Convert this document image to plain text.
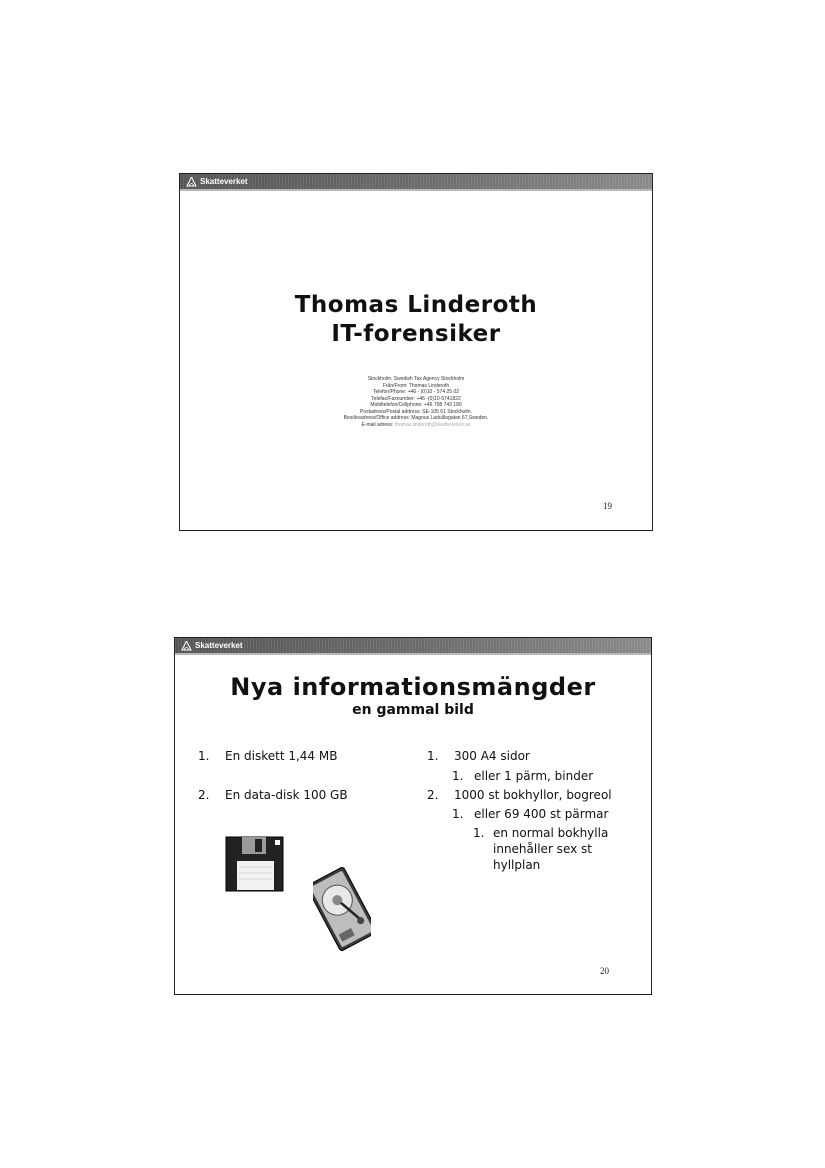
Skatteverket
Thomas Linderoth
IT-forensiker
Stockholm. Swedish Tax Agency Stockholm
Från/From: Thomas Linderoth
Telefon/Phone: +46 - (0)10 - 574 25 02
Telefax/Faxnumber: +46 -(0)10-5741822
Mobiltelefon/Cellphone: +46 708 743 180
Postadress/Postal address: SE-105 61 Stockholm.
Besöksadress/Office address: Magnus Ladulåsgatan 67,Sweden.
E-mail adress: thomas.linderoth@skatteverket.se
19
Skatteverket
Nya informationsmängder
en gammal bild
1. En diskett 1,44 MB
2. En data-disk 100 GB
1. 300 A4 sidor
1. eller 1 pärm, binder
2. 1000 st bokhyllor, bogreol
1. eller 69 400 st pärmar
1. en normal bokhylla
innehåller sex st
hyllplan
20
